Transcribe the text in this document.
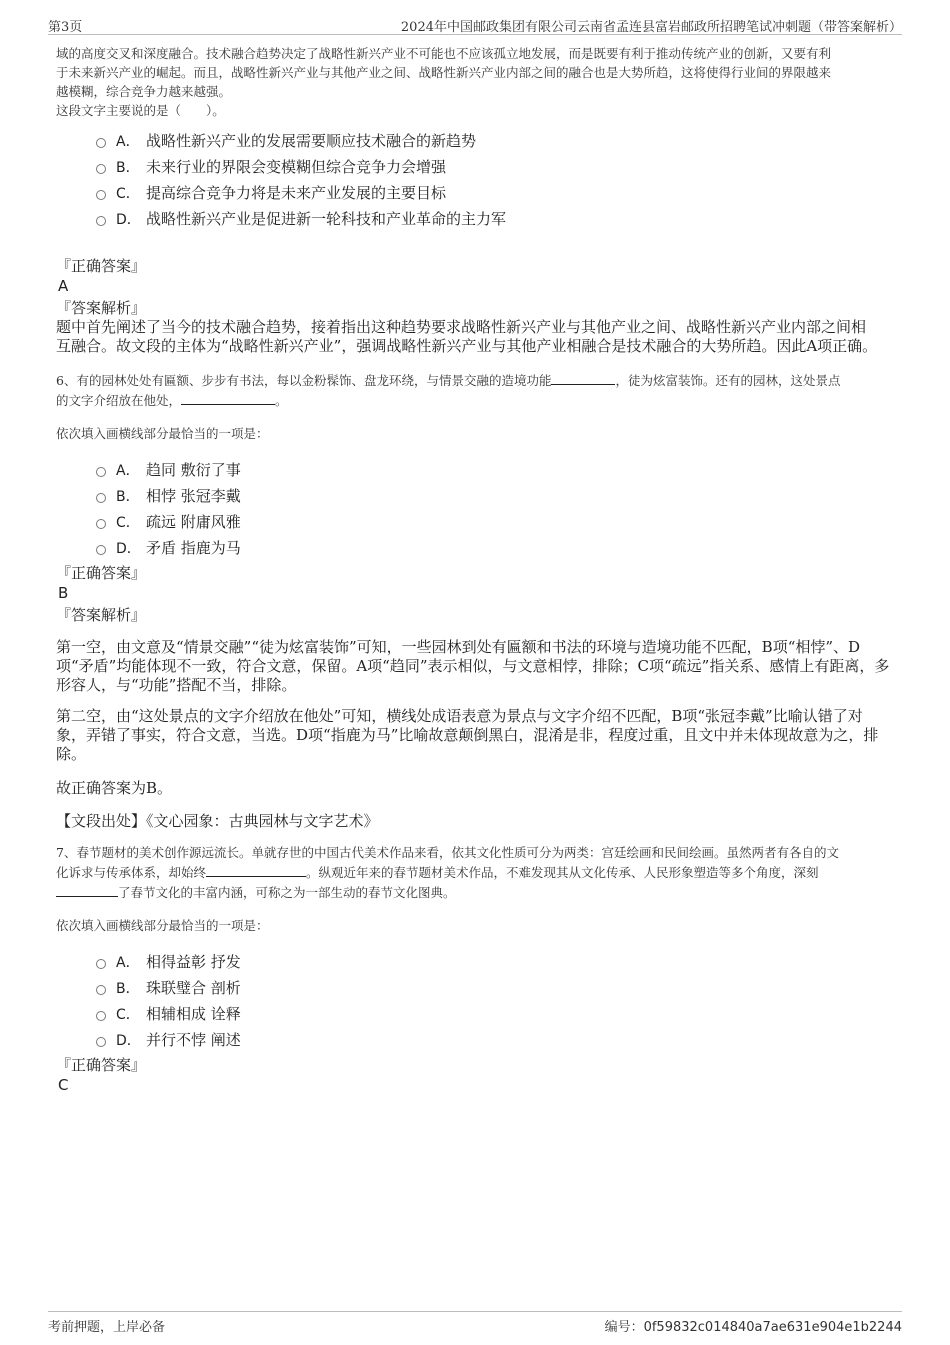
第3页	2024年中国邮政集团有限公司云南省孟连县富岩邮政所招聘笔试冲刺题（带答案解析）

域的高度交叉和深度融合。技术融合趋势决定了战略性新兴产业不可能也不应该孤立地发展，而是既要有利于推动传统产业的创新，又要有利

于未来新兴产业的崛起。而且，战略性新兴产业与其他产业之间、战略性新兴产业内部之间的融合也是大势所趋，这将使得行业间的界限越来

越模糊，综合竞争力越来越强。

这段文字主要说的是（　　）。

A． 战略性新兴产业的发展需要顺应技术融合的新趋势
B． 未来行业的界限会变模糊但综合竞争力会增强
C． 提高综合竞争力将是未来产业发展的主要目标
D． 战略性新兴产业是促进新一轮科技和产业革命的主力军

『正确答案』

A

『答案解析』

题中首先阐述了当今的技术融合趋势，接着指出这种趋势要求战略性新兴产业与其他产业之间、战略性新兴产业内部之间相

互融合。故文段的主体为“战略性新兴产业”，强调战略性新兴产业与其他产业相融合是技术融合的大势所趋。因此A项正确。

6、有的园林处处有匾额、步步有书法，每以金粉髹饰、盘龙环绕，与情景交融的造境功能	，徒为炫富装饰。还有的园林，这处景点

的文字介绍放在他处，	。

依次填入画横线部分最恰当的一项是：

A． 趋同 敷衍了事
B． 相悖 张冠李戴
C． 疏远 附庸风雅
D． 矛盾 指鹿为马

『正确答案』

B

『答案解析』

第一空，由文意及“情景交融”“徒为炫富装饰”可知，一些园林到处有匾额和书法的环境与造境功能不匹配，B项“相悖”、D

项“矛盾”均能体现不一致，符合文意，保留。A项“趋同”表示相似，与文意相悖，排除；C项“疏远”指关系、感情上有距离，多

形容人，与“功能”搭配不当，排除。

第二空，由“这处景点的文字介绍放在他处”可知，横线处成语表意为景点与文字介绍不匹配，B项“张冠李戴”比喻认错了对

象，弄错了事实，符合文意，当选。D项“指鹿为马”比喻故意颠倒黑白，混淆是非，程度过重，且文中并未体现故意为之，排

除。

故正确答案为B。

【文段出处】《文心园象：古典园林与文字艺术》

7、春节题材的美术创作源远流长。单就存世的中国古代美术作品来看，依其文化性质可分为两类：宫廷绘画和民间绘画。虽然两者有各自的文

化诉求与传承体系，却始终	。纵观近年来的春节题材美术作品，不难发现其从文化传承、人民形象塑造等多个角度，深刻

了春节文化的丰富内涵，可称之为一部生动的春节文化图典。

依次填入画横线部分最恰当的一项是：

A． 相得益彰 抒发
B． 珠联璧合 剖析
C． 相辅相成 诠释
D． 并行不悖 阐述

『正确答案』

C

考前押题，上岸必备	编号：0f59832c014840a7ae631e904e1b2244
